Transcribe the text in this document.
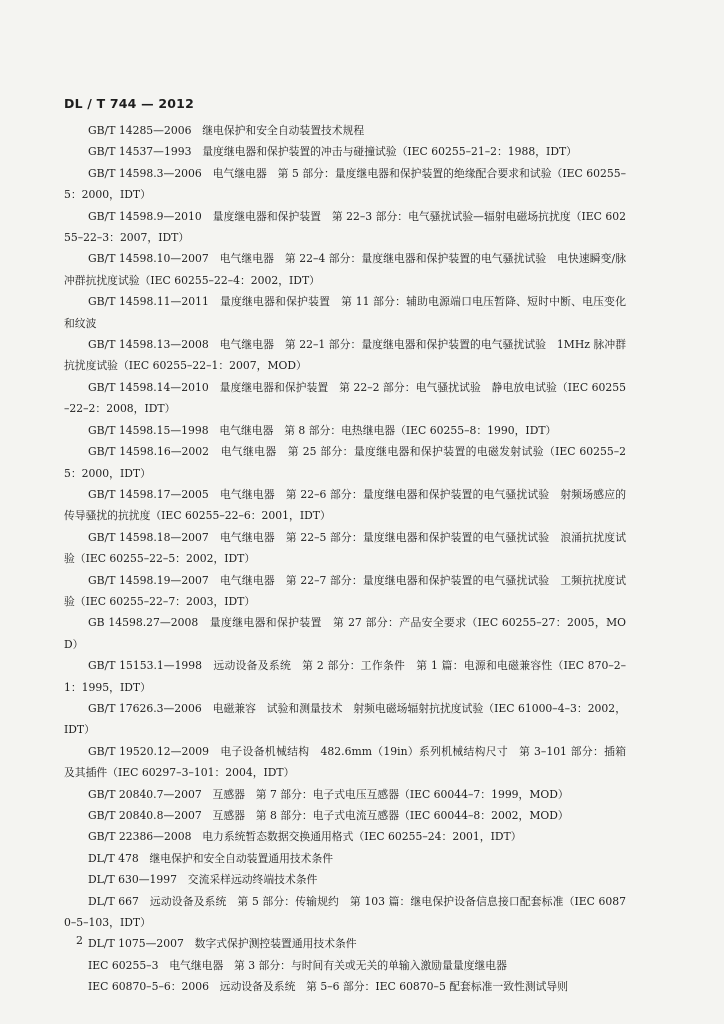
DL / T 744 — 2012

GB/T 14285—2006　继电保护和安全自动装置技术规程

GB/T 14537—1993　量度继电器和保护装置的冲击与碰撞试验（IEC 60255–21–2：1988，IDT）

GB/T 14598.3—2006　电气继电器　第 5 部分：量度继电器和保护装置的绝缘配合要求和试验（IEC 60255–5：2000，IDT）

GB/T 14598.9—2010　量度继电器和保护装置　第 22–3 部分：电气骚扰试验—辐射电磁场抗扰度（IEC 60255–22–3：2007，IDT）

GB/T 14598.10—2007　电气继电器　第 22–4 部分：量度继电器和保护装置的电气骚扰试验　电快速瞬变/脉冲群抗扰度试验（IEC 60255–22–4：2002，IDT）

GB/T 14598.11—2011　量度继电器和保护装置　第 11 部分：辅助电源端口电压暂降、短时中断、电压变化和纹波

GB/T 14598.13—2008　电气继电器　第 22–1 部分：量度继电器和保护装置的电气骚扰试验　1MHz 脉冲群抗扰度试验（IEC 60255–22–1：2007，MOD）

GB/T 14598.14—2010　量度继电器和保护装置　第 22–2 部分：电气骚扰试验　静电放电试验（IEC 60255–22–2：2008，IDT）

GB/T 14598.15—1998　电气继电器　第 8 部分：电热继电器（IEC 60255–8：1990，IDT）

GB/T 14598.16—2002　电气继电器　第 25 部分：量度继电器和保护装置的电磁发射试验（IEC 60255–25：2000，IDT）

GB/T 14598.17—2005　电气继电器　第 22–6 部分：量度继电器和保护装置的电气骚扰试验　射频场感应的传导骚扰的抗扰度（IEC 60255–22–6：2001，IDT）

GB/T 14598.18—2007　电气继电器　第 22–5 部分：量度继电器和保护装置的电气骚扰试验　浪涌抗扰度试验（IEC 60255–22–5：2002，IDT）

GB/T 14598.19—2007　电气继电器　第 22–7 部分：量度继电器和保护装置的电气骚扰试验　工频抗扰度试验（IEC 60255–22–7：2003，IDT）

GB 14598.27—2008　量度继电器和保护装置　第 27 部分：产品安全要求（IEC 60255–27：2005，MOD）

GB/T 15153.1—1998　远动设备及系统　第 2 部分：工作条件　第 1 篇：电源和电磁兼容性（IEC 870–2–1：1995，IDT）

GB/T 17626.3—2006　电磁兼容　试验和测量技术　射频电磁场辐射抗扰度试验（IEC 61000–4–3：2002，IDT）

GB/T 19520.12—2009　电子设备机械结构　482.6mm（19in）系列机械结构尺寸　第 3–101 部分：插箱及其插件（IEC 60297–3–101：2004，IDT）

GB/T 20840.7—2007　互感器　第 7 部分：电子式电压互感器（IEC 60044–7：1999，MOD）

GB/T 20840.8—2007　互感器　第 8 部分：电子式电流互感器（IEC 60044–8：2002，MOD）

GB/T 22386—2008　电力系统暂态数据交换通用格式（IEC 60255–24：2001，IDT）

DL/T 478　继电保护和安全自动装置通用技术条件

DL/T 630—1997　交流采样远动终端技术条件

DL/T 667　远动设备及系统　第 5 部分：传输规约　第 103 篇：继电保护设备信息接口配套标准（IEC 60870–5–103，IDT）

DL/T 1075—2007　数字式保护测控装置通用技术条件

IEC 60255–3　电气继电器　第 3 部分：与时间有关或无关的单输入激励量量度继电器

IEC 60870–5–6：2006　远动设备及系统　第 5–6 部分：IEC 60870–5 配套标准一致性测试导则

2
